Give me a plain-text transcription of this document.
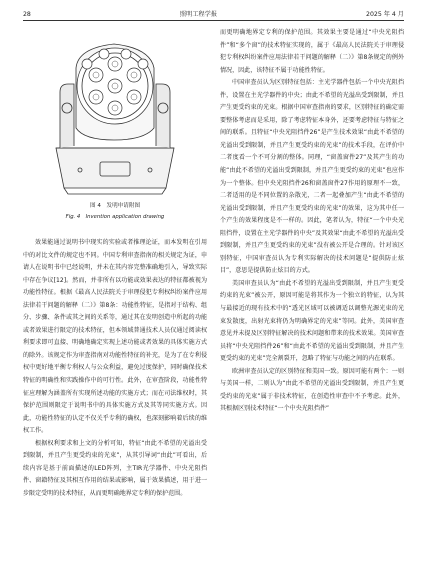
28	照明工程学报	2025 年 4 月
图 4　发明申请附图
Fig. 4　Invention application drawing

效果能通过说明书中现实的实验或者推理论证，而本发明在引用中的对比文件的规定也不同。中国专利审查指南的相关规定为证，申请人在说明书中已经说明，并未在其内容完整准确地引入，导致实际中存在争议[12]。然而，并非所有以功能或效果表达的特征都被视为功能性特征。根据《最高人民法院关于审理侵犯专利权纠纷案件应用法律若干问题的解释（二）》第8条：功能性特征，是指对于结构、组分、步骤、条件或其之间的关系等，通过其在发明创造中所起的功能或者效果进行限定的技术特征，但本领域普通技术人员仅通过阅读权利要求即可直接、明确地确定实现上述功能或者效果的具体实施方式的除外。该规定作为审查指南对功能性特征的补充，是为了在专利侵权中更好地平衡专利权人与公众利益，避免过度保护，同时确保技术特征的明确性和实践操作中的可行性。此外，在审查阶段，功能性特征应理解为涵盖所有实现所述功能的实施方式；而在司法维权时，其保护范围则限定于说明书中的具体实施方式及其等同实施方式。因此，功能性特征的认定不仅关乎专利的确权，也深刻影响着后续的维权工作。

根据权利要求和上文的分析可知，特征“由此不希望的光溢出受到限制，并且产生更受约束的光束”，从其引导词“由此”可看出，后续内容是基于前面描述的LED阵列，主TIR光学器件、中央光阻挡件、窗籍特征及其相互作用的结果或影响，属于效果描述，用于进一步限定受明的技术特征，从而更明确地界定专利的保护范围。

而更明确地界定专利的保护范围。其效果主要是通过“中央光阻挡件”和“多个窗”的技术特征实现的，属于《最高人民法院关于审理侵犯专利权纠纷案件应用法律若干问题的解释（二）》第8条规定的例外情况，因此，该特征不属于功能性特征。

中国审查员认为区别特征包括：主光学器件包括一个中央光阻挡件，设置在主光学器件的中央；由此不希望的光溢出受到限制，并且产生更受约束的光束。根据中国审查指南的要求，区别特征的确定需要整体考虑而是采用，除了考虑特征本身外，还要考虑特征与特征之间的联系。且特征“中央光阻挡件26”是产生技术效果“由此不希望的光溢出受到限制，并且产生更受约束的光束”的技术手段，在评价中二者度看一个不可分割的整体。同理，“窗盖窗件27”及其产生的功能“由此不希望的光溢出受到限制，并且产生更受约束的光束”也应作为一个整体。但中央光阻挡件26和窗盖窗件27作用的原理不一致，二者适用的是不同位置的杂散光，二者一起叠加产生“由此不希望的光溢出受到限制，并且产生更受约束的光束”的效果，这为其中任一个产生的效果程度是不一样的。因此，笔者认为，特征“一个中央光阻挡件，设置在主光学器件的中央”及其效果“由此不希望的光溢出受到限制，并且产生更受约束的光束”没有被公开是合理的。针对该区别特征，中国审查员认为专利实际解决的技术问题是“提供防止炫目”，意思是提供防止炫目的方式。

美国审查员认为“由此不希望的光溢出受到限制，并且产生更受约束的光束”被公开，原因可能是将其作为一个独立的特征，认为其与最接近的现有技术中的“透光区域可以被调适以调整光源光束的光束发散度，出射光束将仍为明确界定的光束”等同。此外，美国审查意见并未提及区别特征解决的技术问题和带来的技术效果。美国审查员将“中央光阻挡件26”和“由此不希望的光溢出受到限制，并且产生更受约束的光束”完全割裂开，忽略了特征与功能之间的内在联系。

欧洲审查员认定的区别特征和美国一致。原因可能有两个：一则与美国一样，二则认为“由此不希望的光溢出受到限制，并且产生更受约束的光束”属于非技术特征，在创造性审查中不予考虑。此外，其根据区别技术特征“一个中央光阻挡件”
